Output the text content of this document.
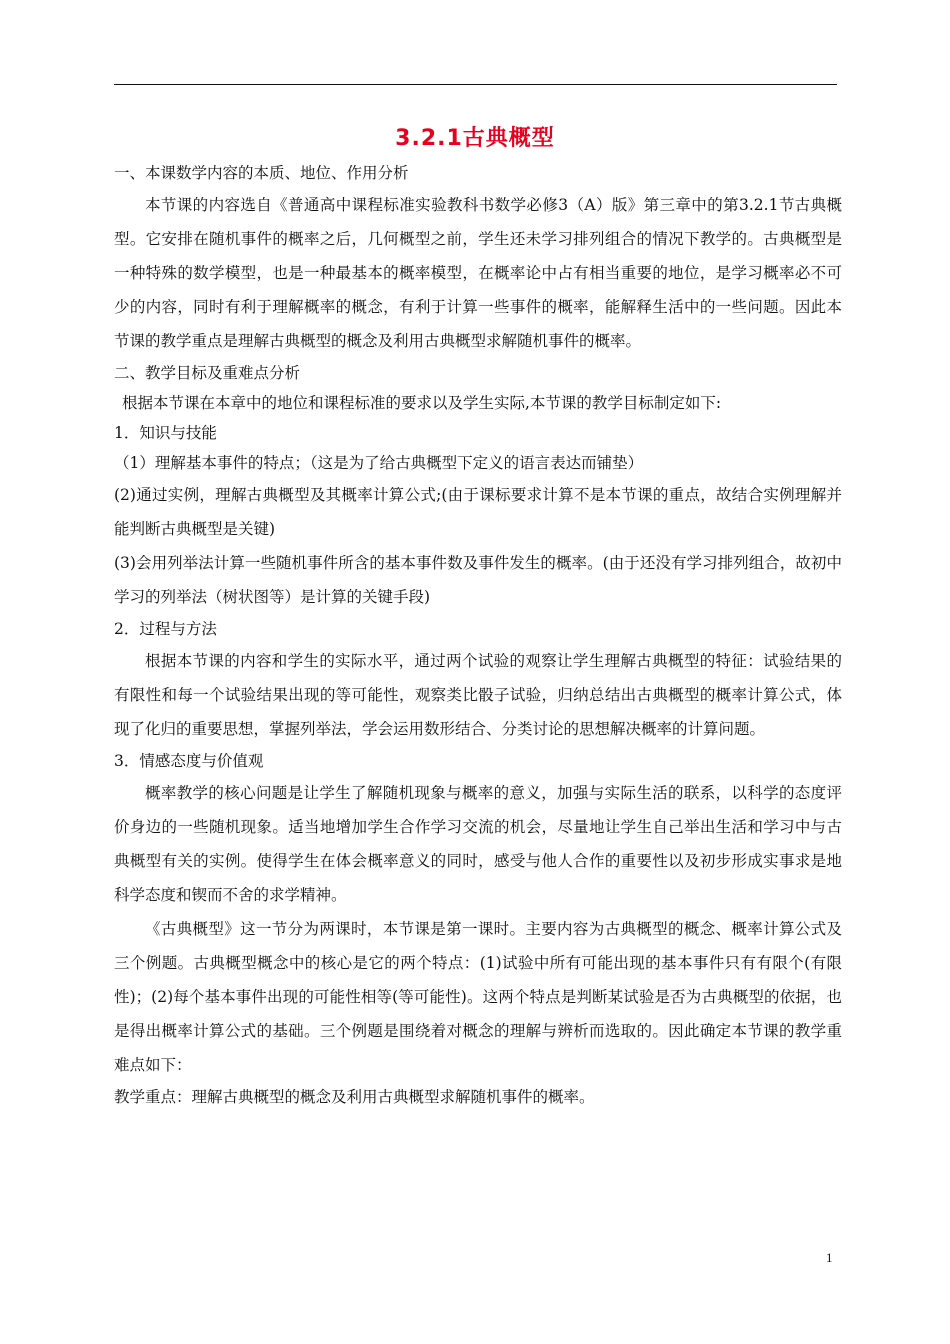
3.2.1古典概型

一、本课数学内容的本质、地位、作用分析

本节课的内容选自《普通高中课程标准实验教科书数学必修3（A）版》第三章中的第3.2.1节古典概型。它安排在随机事件的概率之后，几何概型之前，学生还未学习排列组合的情况下教学的。古典概型是一种特殊的数学模型，也是一种最基本的概率模型，在概率论中占有相当重要的地位，是学习概率必不可少的内容，同时有利于理解概率的概念，有利于计算一些事件的概率，能解释生活中的一些问题。因此本节课的教学重点是理解古典概型的概念及利用古典概型求解随机事件的概率。

二、教学目标及重难点分析

根据本节课在本章中的地位和课程标准的要求以及学生实际,本节课的教学目标制定如下:

1．知识与技能

（1）理解基本事件的特点；（这是为了给古典概型下定义的语言表达而铺垫）

(2)通过实例，理解古典概型及其概率计算公式;(由于课标要求计算不是本节课的重点，故结合实例理解并能判断古典概型是关键)

(3)会用列举法计算一些随机事件所含的基本事件数及事件发生的概率。(由于还没有学习排列组合，故初中学习的列举法（树状图等）是计算的关键手段)

2．过程与方法

根据本节课的内容和学生的实际水平，通过两个试验的观察让学生理解古典概型的特征：试验结果的有限性和每一个试验结果出现的等可能性，观察类比骰子试验，归纳总结出古典概型的概率计算公式，体现了化归的重要思想，掌握列举法，学会运用数形结合、分类讨论的思想解决概率的计算问题。

3．情感态度与价值观

概率教学的核心问题是让学生了解随机现象与概率的意义，加强与实际生活的联系，以科学的态度评价身边的一些随机现象。适当地增加学生合作学习交流的机会，尽量地让学生自己举出生活和学习中与古典概型有关的实例。使得学生在体会概率意义的同时，感受与他人合作的重要性以及初步形成实事求是地科学态度和锲而不舍的求学精神。

《古典概型》这一节分为两课时，本节课是第一课时。主要内容为古典概型的概念、概率计算公式及三个例题。古典概型概念中的核心是它的两个特点：(1)试验中所有可能出现的基本事件只有有限个(有限性)；(2)每个基本事件出现的可能性相等(等可能性)。这两个特点是判断某试验是否为古典概型的依据，也是得出概率计算公式的基础。三个例题是围绕着对概念的理解与辨析而选取的。因此确定本节课的教学重难点如下：

教学重点：理解古典概型的概念及利用古典概型求解随机事件的概率。

1
